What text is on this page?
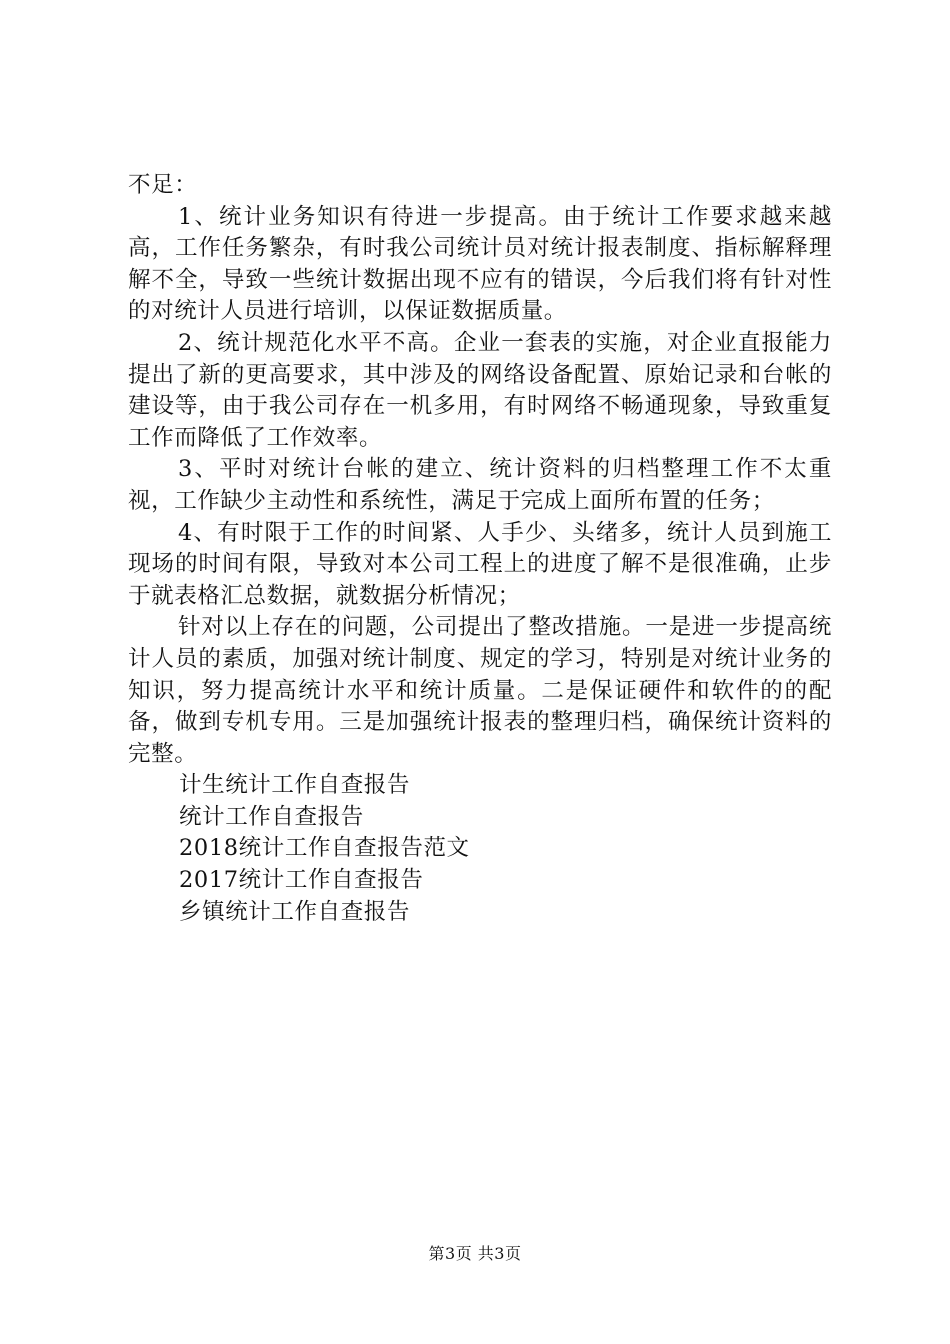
不足：

1、统计业务知识有待进一步提高。由于统计工作要求越来越高，工作任务繁杂，有时我公司统计员对统计报表制度、指标解释理解不全，导致一些统计数据出现不应有的错误，今后我们将有针对性的对统计人员进行培训，以保证数据质量。

2、统计规范化水平不高。企业一套表的实施，对企业直报能力提出了新的更高要求，其中涉及的网络设备配置、原始记录和台帐的建设等，由于我公司存在一机多用，有时网络不畅通现象，导致重复工作而降低了工作效率。

3、平时对统计台帐的建立、统计资料的归档整理工作不太重视，工作缺少主动性和系统性，满足于完成上面所布置的任务；

4、有时限于工作的时间紧、人手少、头绪多，统计人员到施工现场的时间有限，导致对本公司工程上的进度了解不是很准确，止步于就表格汇总数据，就数据分析情况；

针对以上存在的问题，公司提出了整改措施。一是进一步提高统计人员的素质，加强对统计制度、规定的学习，特别是对统计业务的知识，努力提高统计水平和统计质量。二是保证硬件和软件的的配备，做到专机专用。三是加强统计报表的整理归档，确保统计资料的完整。

计生统计工作自查报告
统计工作自查报告
2018统计工作自查报告范文
2017统计工作自查报告
乡镇统计工作自查报告
第3页 共3页
